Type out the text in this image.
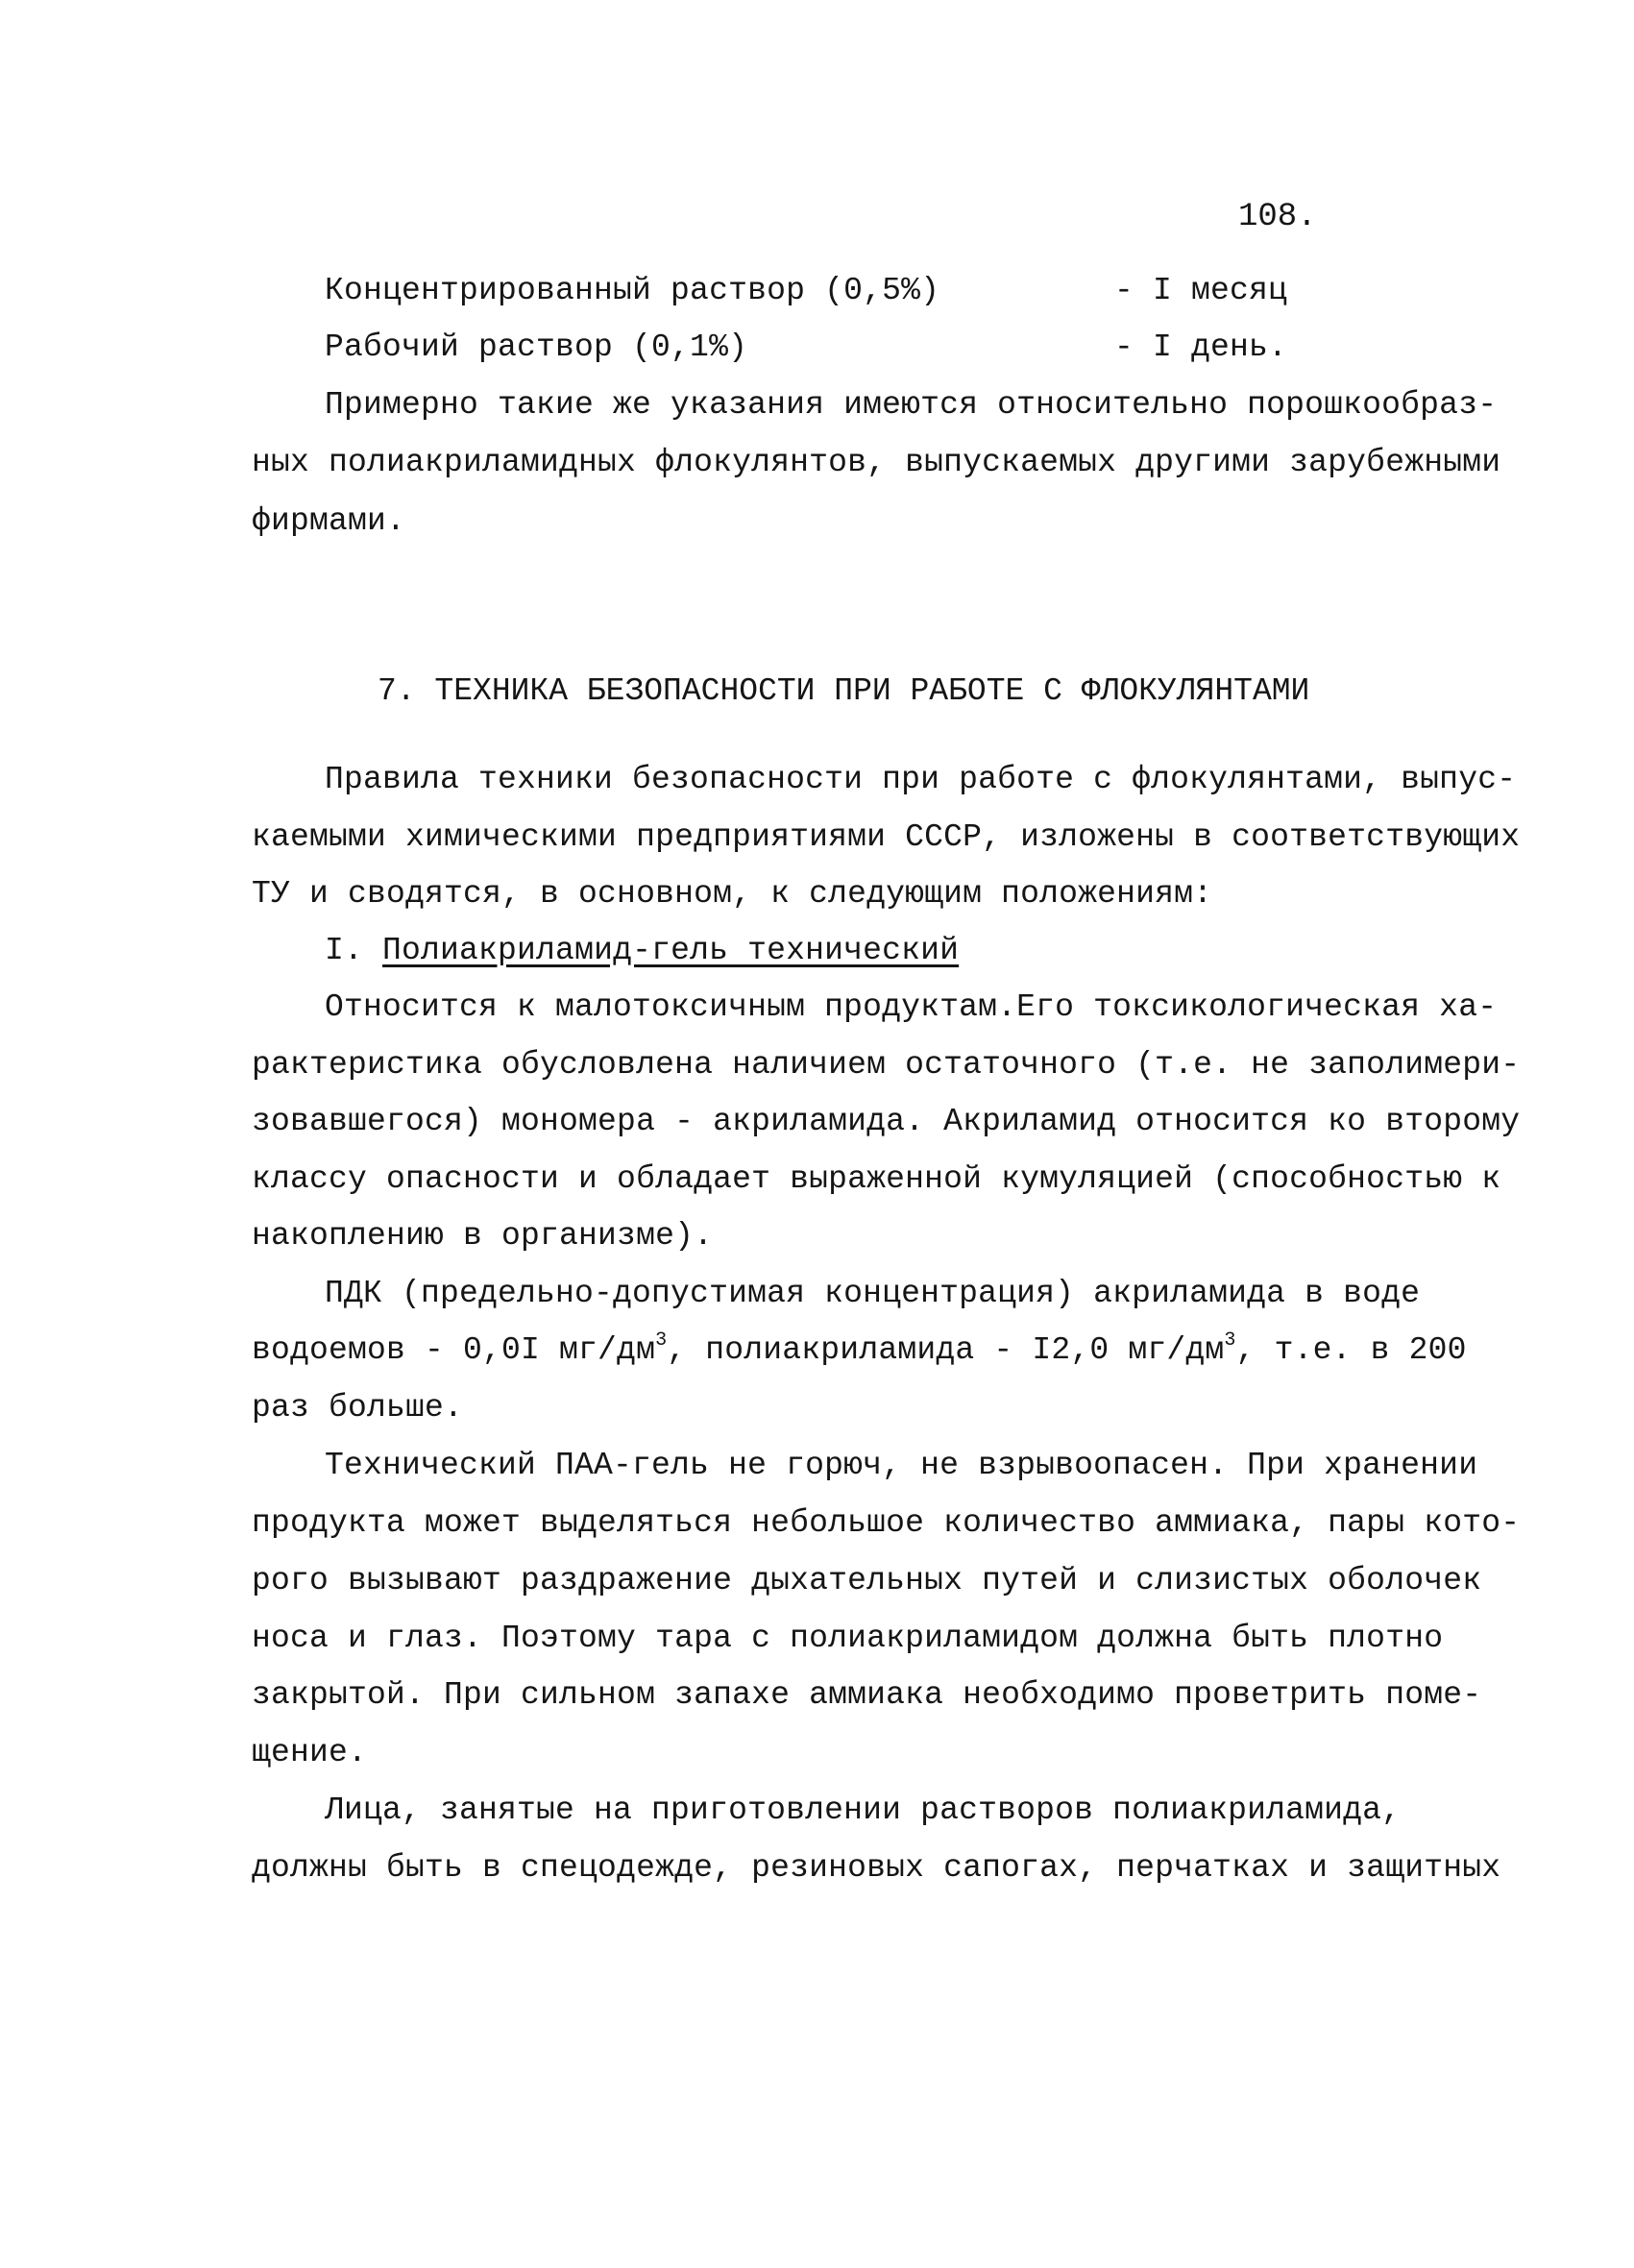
108.
Концентрированный раствор (0,5%)	- I месяц
Рабочий раствор (0,1%)	- I день.
Примерно такие же указания имеются относительно порошкообраз-
ных полиакриламидных флокулянтов, выпускаемых другими зарубежными
фирмами.
7. ТЕХНИКА БЕЗОПАСНОСТИ ПРИ РАБОТЕ С ФЛОКУЛЯНТАМИ
Правила техники безопасности при работе с флокулянтами, выпус-
каемыми химическими предприятиями СССР, изложены в соответствующих
ТУ и сводятся, в основном, к следующим положениям:
I. Полиакриламид-гель технический
Относится к малотоксичным продуктам.Его токсикологическая ха-
рактеристика обусловлена наличием остаточного (т.е. не заполимери-
зовавшегося) мономера - акриламида. Акриламид относится ко второму
классу опасности и обладает выраженной кумуляцией (способностью к
накоплению в организме).
ПДК (предельно-допустимая концентрация) акриламида в воде
водоемов - 0,0I $мг/дм^3$, полиакриламида - I2,0 $мг/дм^3$, т.е. в 200
раз больше.
Технический ПАА-гель не горюч, не взрывоопасен. При хранении
продукта может выделяться небольшое количество аммиака, пары кото-
рого вызывают раздражение дыхательных путей и слизистых оболочек
носа и глаз. Поэтому тара с полиакриламидом должна быть плотно
закрытой. При сильном запахе аммиака необходимо проветрить поме-
щение.
Лица, занятые на приготовлении растворов полиакриламида,
должны быть в спецодежде, резиновых сапогах, перчатках и защитных
